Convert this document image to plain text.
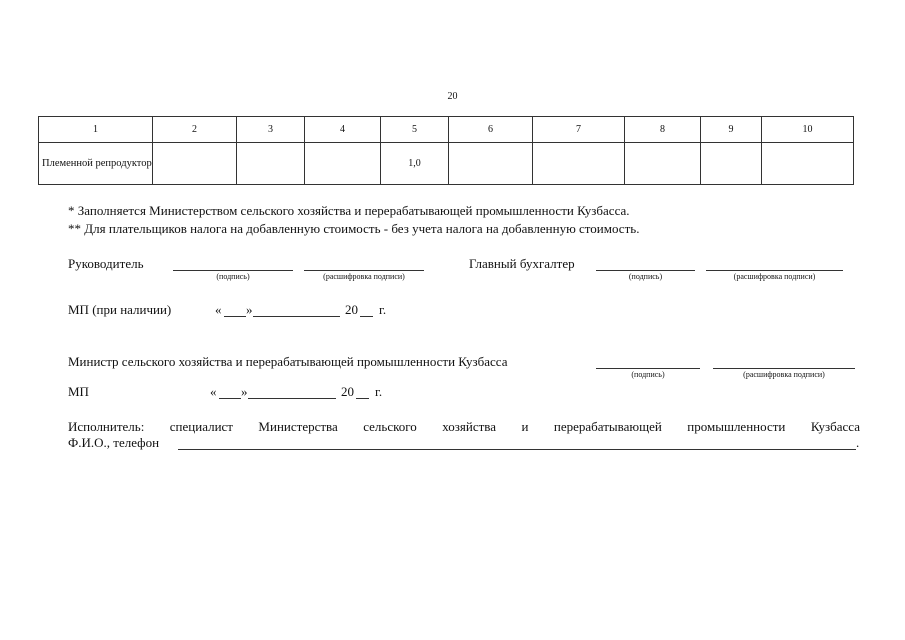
20
1	2	3	4	5	6	7	8	9	10
Племенной репродуктор				1,0					
* Заполняется Министерством сельского хозяйства и перерабатывающей промышленности Кузбасса.
** Для плательщиков налога на добавленную стоимость - без учета налога на добавленную стоимость.
Руководитель
(подпись)	(расшифровка подписи)
Главный бухгалтер
(подпись)	(расшифровка подписи)
МП (при наличии)	« »	20 г.
Министр сельского хозяйства и перерабатывающей промышленности Кузбасса
(подпись)	(расшифровка подписи)
МП	« »	20 г.
Исполнитель: специалист Министерства сельского хозяйства и перерабатывающей промышленности Кузбасса
Ф.И.О., телефон	.
